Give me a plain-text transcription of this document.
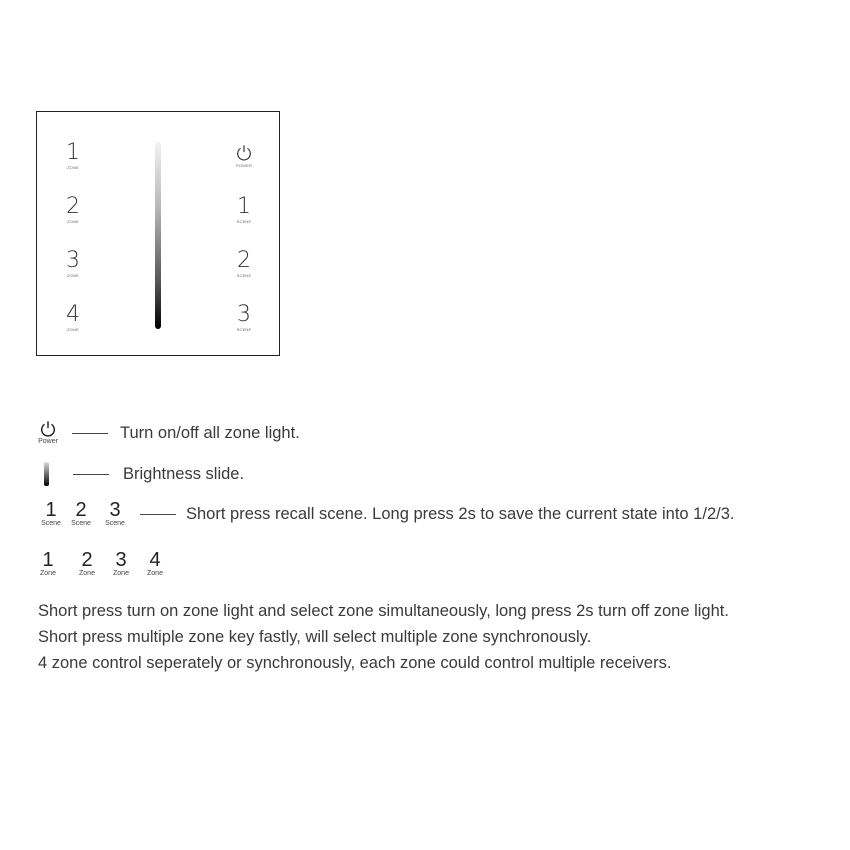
1
ZONE
2
ZONE
3
ZONE
4
ZONE
POWER
1
SCENE
2
SCENE
3
SCENE
Power	Turn on/off all zone light.
Brightness slide.
1
Scene
2
Scene
3
Scene
Short press recall scene. Long press 2s to save the current state into 1/2/3.
1
Zone
2
Zone
3
Zone
4
Zone
Short press turn on zone light and select zone simultaneously, long press 2s turn off zone light.
Short press multiple zone key fastly, will select multiple zone synchronously.
4 zone control seperately or synchronously, each zone could control multiple receivers.
